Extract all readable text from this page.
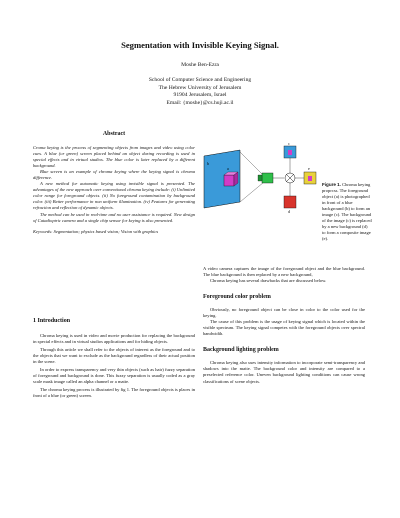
Segmentation with Invisible Keying Signal.
Moshe Ben-Ezra
School of Computer Science and Engineering
The Hebrew University of Jerusalem
91904 Jerusalem, Israel
Email: {moshe}@cs.huji.ac.il
Abstract

Croma keying is the process of segmenting objects from images and video using color cues. A blue (or green) screen placed behind an object during recording is used in special effects and in virtual studios. The blue color is later replaced by a different background.

Blue screen is an example of chroma keying where the keying signal is chroma difference.

A new method for automatic keying using invisible signal is presented. The advantages of the new approach over conventional chroma keying include: (i) Unlimited color range for foreground objects. (ii) No foreground contamination by background color. (iii) Better performance in non uniform illumination. (iv) Features for generating refraction and reflection of dynamic objects.

The method can be used in real-time and no user assistance is required. New design of Catadioptric camera and a single chip sensor for keying is also presented.

Keywords: Segmentation; physics based vision; Vision with graphics

1 Introduction

Chroma keying is used in video and movie production for replacing the background in special effects and in virtual studios applications and for hiding objects.

Through this article we shall refer to the objects of interest as the foreground and to the objects that we want to exclude as the background regardless of their actual position in the scene.

In order to express transparency and very thin objects (such as hair) fuzzy separation of foreground and background is done. This fuzzy separation is usually coded as a gray scale mask image called an alpha channel or a matte.

The chroma keying process is illustrated by fig 1. The foreground objects is places in front of a blue (or green) screen.

b
a
c
d
e
Figure 1. Chroma keying proprcss. The foreground object (a) is photographed in front of a blue background (b) to form an image (c). The background of the image (c) is replaced by a new background (d) to form a composite image (e).

A video camera captures the image of the foreground object and the blue background. The blue background is then replaced by a new background,

Chroma keying has several drawbacks that are discussed below.

Foreground color problem

Obviously, no foreground object can be close in color to the color used for the keying.

The cause of this problem is the usage of keying signal which is located within the visible spectrum. The keying signal competes with the foreground objects over spectral bandwidth.

Background lighting problem

Chroma keying also uses intensity information to incorporate semi-transparency and shadows into the matte. The background color and intensity are compared to a preselected reference color. Uneven background lighting conditions can cause wrong classifications of scene objects.
